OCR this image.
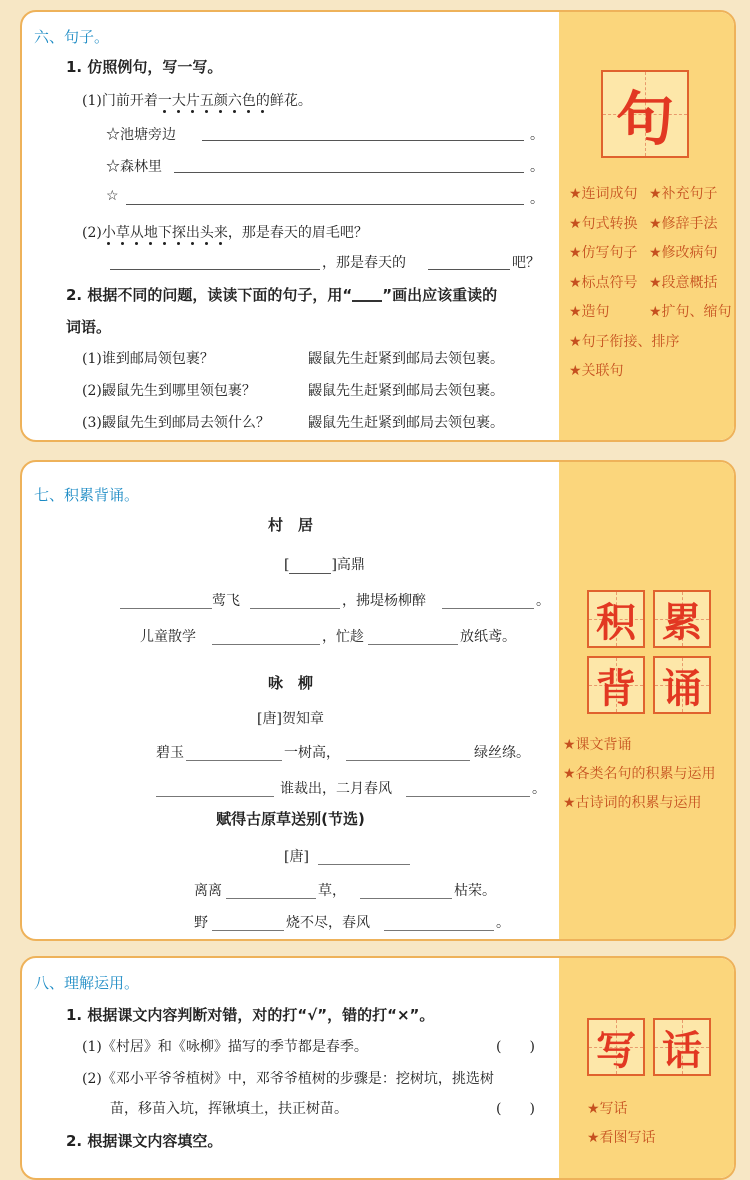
句
★连词成句 ★补充句子
★句式转换 ★修辞手法
★仿写句子 ★修改病句
★标点符号 ★段意概括
★造句	★扩句、缩句
★句子衔接、排序
★关联句
六、句子。
1. 仿照例句，写一写。
(1)门前开着一大片五颜六色的鲜花。
☆池塘旁边	。
☆森林里	。
☆	。
(2)小草从地下探出头来，那是春天的眉毛吧？
，那是春天的	吧？
2. 根据不同的问题，读读下面的句子，用“ ”画出应该重读的
词语。
(1)谁到邮局领包裹？	鼹鼠先生赶紧到邮局去领包裹。
(2)鼹鼠先生到哪里领包裹？	鼹鼠先生赶紧到邮局去领包裹。
(3)鼹鼠先生到邮局去领什么？	鼹鼠先生赶紧到邮局去领包裹。
积 累
背 诵
★课文背诵
★各类名句的积累与运用
★古诗词的积累与运用
七、积累背诵。
村　居
[	]高鼎
莺飞	，拂堤杨柳醉	。
儿童散学	，忙趁	放纸鸢。
咏　柳
[唐]贺知章
碧玉	一树高，	绿丝绦。
谁裁出，二月春风	。
赋得古原草送别(节选)
[唐]
离离	草，	枯荣。
野	烧不尽，春风	。
写 话
★写话
★看图写话
八、理解运用。
1. 根据课文内容判断对错，对的打“√”，错的打“×”。
(1)《村居》和《咏柳》描写的季节都是春季。	(　　)
(2)《邓小平爷爷植树》中，邓爷爷植树的步骤是：挖树坑，挑选树
苗，移苗入坑，挥锹填土，扶正树苗。	(　　)
2. 根据课文内容填空。
